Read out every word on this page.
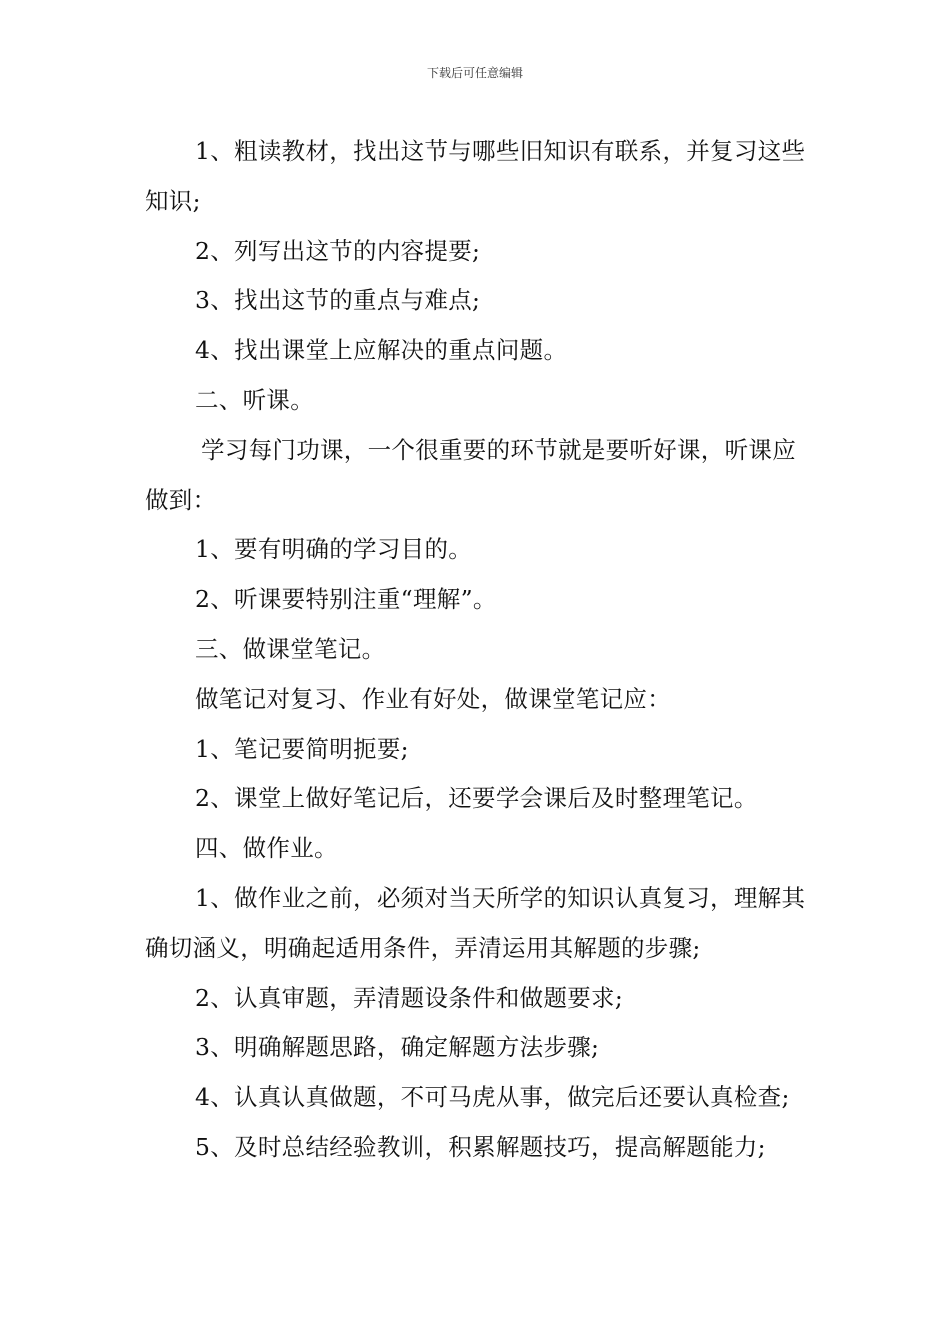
下载后可任意编辑

1、粗读教材，找出这节与哪些旧知识有联系，并复习这些知识;

2、列写出这节的内容提要;

3、找出这节的重点与难点;

4、找出课堂上应解决的重点问题。

二、听课。

学习每门功课，一个很重要的环节就是要听好课，听课应做到：

1、要有明确的学习目的。

2、听课要特别注重“理解”。

三、做课堂笔记。

做笔记对复习、作业有好处，做课堂笔记应：

1、笔记要简明扼要;

2、课堂上做好笔记后，还要学会课后及时整理笔记。

四、做作业。

1、做作业之前，必须对当天所学的知识认真复习，理解其确切涵义，明确起适用条件，弄清运用其解题的步骤;

2、认真审题，弄清题设条件和做题要求;

3、明确解题思路，确定解题方法步骤;

4、认真认真做题，不可马虎从事，做完后还要认真检查;

5、及时总结经验教训，积累解题技巧，提高解题能力;
